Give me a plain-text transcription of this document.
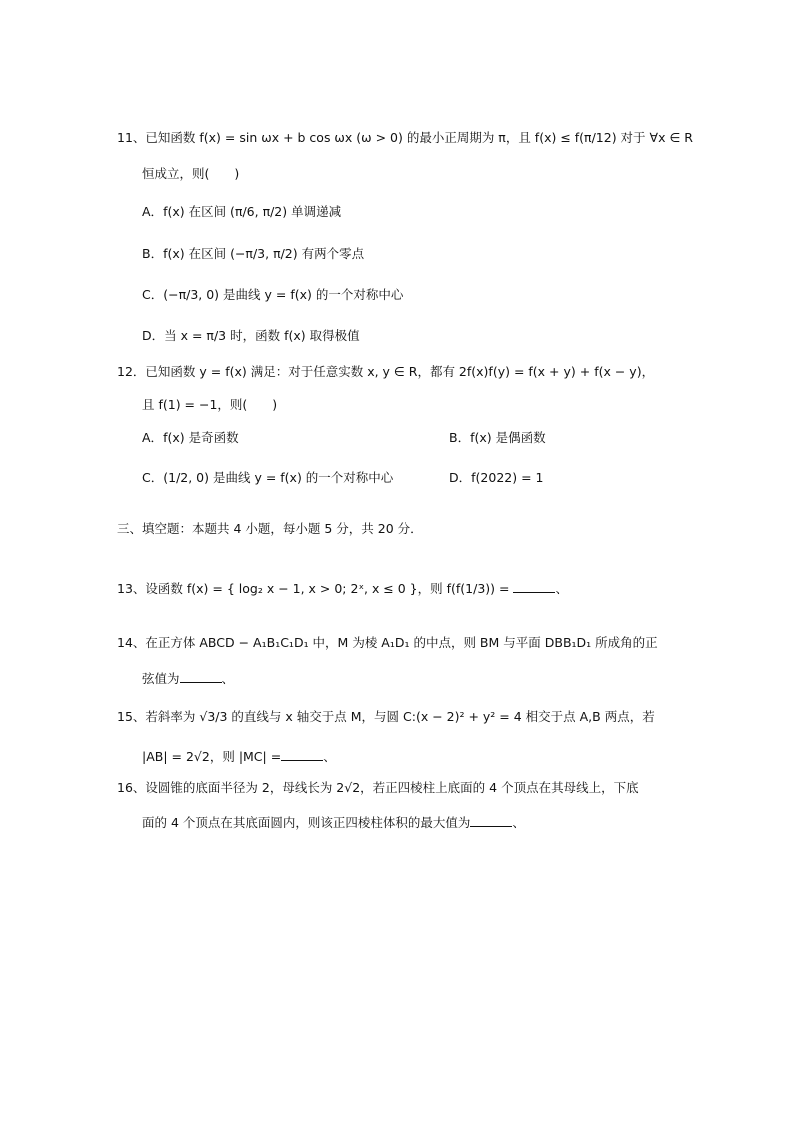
11、已知函数 f(x) = sin ωx + b cos ωx (ω > 0) 的最小正周期为 π，且 f(x) ≤ f(π/12) 对于 ∀x ∈ R
恒成立，则(　　)
A．f(x) 在区间 (π/6, π/2) 单调递减
B．f(x) 在区间 (−π/3, π/2) 有两个零点
C．(−π/3, 0) 是曲线 y = f(x) 的一个对称中心
D．当 x = π/3 时，函数 f(x) 取得极值
12．已知函数 y = f(x) 满足：对于任意实数 x, y ∈ R，都有 2f(x)f(y) = f(x + y) + f(x − y)，
且 f(1) = −1，则(　　)
A．f(x) 是奇函数	B．f(x) 是偶函数
C．(1/2, 0) 是曲线 y = f(x) 的一个对称中心	D．f(2022) = 1
三、填空题：本题共 4 小题，每小题 5 分，共 20 分．
13、设函数 f(x) = { log₂ x − 1, x > 0; 2ˣ, x ≤ 0 }，则 f(f(1/3)) =	、
14、在正方体 ABCD − A₁B₁C₁D₁ 中，M 为棱 A₁D₁ 的中点，则 BM 与平面 DBB₁D₁ 所成角的正
弦值为	、
15、若斜率为 √3/3 的直线与 x 轴交于点 M，与圆 C:(x − 2)² + y² = 4 相交于点 A,B 两点，若
|AB| = 2√2，则 |MC| =	、
16、设圆锥的底面半径为 2，母线长为 2√2，若正四棱柱上底面的 4 个顶点在其母线上，下底
面的 4 个顶点在其底面圆内，则该正四棱柱体积的最大值为	、
